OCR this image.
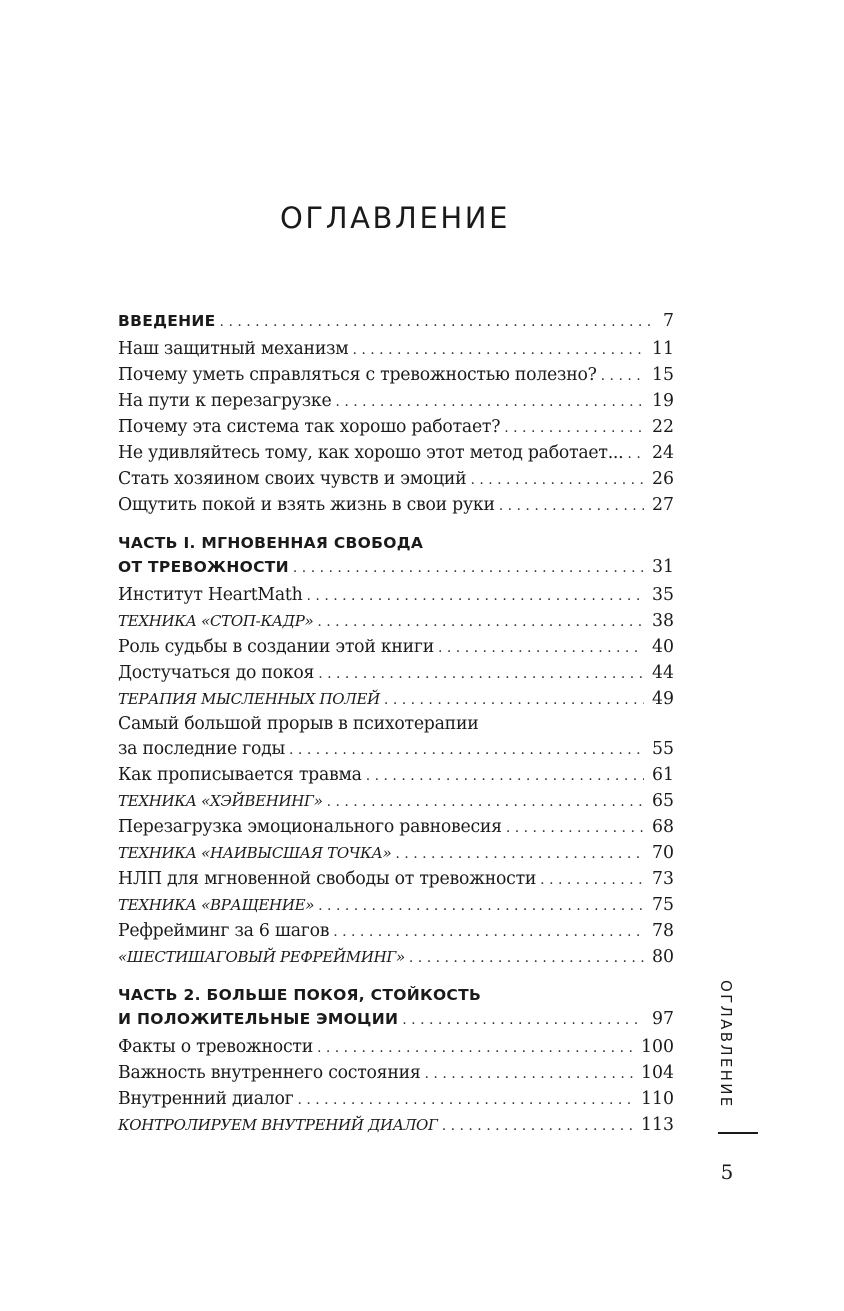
ОГЛАВЛЕНИЕ
ВВЕДЕНИЕ . . .	7
Наш защитный механизм . . .	11
Почему уметь справляться с тревожностью полезно? . . .	15
На пути к перезагрузке . . .	19
Почему эта система так хорошо работает? . . .	22
Не удивляйтесь тому, как хорошо этот метод работает... . . .	24
Стать хозяином своих чувств и эмоций . . .	26
Ощутить покой и взять жизнь в свои руки . . .	27
ЧАСТЬ I. МГНОВЕННАЯ СВОБОДА
ОТ ТРЕВОЖНОСТИ . . .	31
Институт HeartMath . . .	35
ТЕХНИКА «СТОП-КАДР» . . .	38
Роль судьбы в создании этой книги . . .	40
Достучаться до покоя . . .	44
ТЕРАПИЯ МЫСЛЕННЫХ ПОЛЕЙ . . .	49
Самый большой прорыв в психотерапии
за последние годы . . .	55
Как прописывается травма . . .	61
ТЕХНИКА «ХЭЙВЕНИНГ» . . .	65
Перезагрузка эмоционального равновесия . . .	68
ТЕХНИКА «НАИВЫСШАЯ ТОЧКА» . . .	70
НЛП для мгновенной свободы от тревожности . . .	73
ТЕХНИКА «ВРАЩЕНИЕ» . . .	75
Рефрейминг за 6 шагов . . .	78
«ШЕСТИШАГОВЫЙ РЕФРЕЙМИНГ» . . .	80
ЧАСТЬ 2. БОЛЬШЕ ПОКОЯ, СТОЙКОСТЬ
И ПОЛОЖИТЕЛЬНЫЕ ЭМОЦИИ . . .	97
Факты о тревожности . . .	100
Важность внутреннего состояния . . .	104
Внутренний диалог . . .	110
КОНТРОЛИРУЕМ ВНУТРЕНИЙ ДИАЛОГ . . .	113
ОГЛАВЛЕНИЕ
5
